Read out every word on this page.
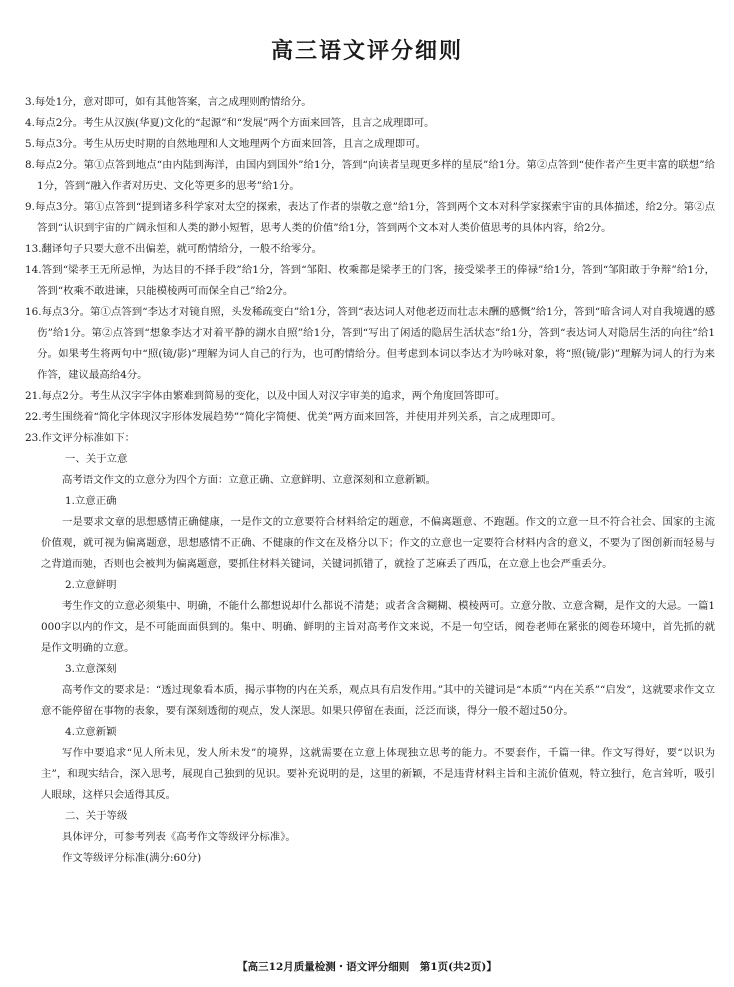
高三语文评分细则

3.每处1分，意对即可，如有其他答案，言之成理则酌情给分。

4.每点2分。考生从汉族(华夏)文化的“起源”和“发展”两个方面来回答，且言之成理即可。

5.每点3分。考生从历史时期的自然地理和人文地理两个方面来回答，且言之成理即可。

8.每点2分。第①点答到地点“由内陆到海洋，由国内到国外”给1分，答到“向读者呈现更多样的星辰”给1分。第②点答到“使作者产生更丰富的联想”给1分，答到“融入作者对历史、文化等更多的思考”给1分。

9.每点3分。第①点答到“提到诸多科学家对太空的探索，表达了作者的崇敬之意”给1分，答到两个文本对科学家探索宇宙的具体描述，给2分。第②点答到“认识到宇宙的广阔永恒和人类的渺小短暂，思考人类的价值”给1分，答到两个文本对人类价值思考的具体内容，给2分。

13.翻译句子只要大意不出偏差，就可酌情给分，一般不给零分。

14.答到“梁孝王无所忌惮，为达目的不择手段”给1分，答到“邹阳、枚乘都是梁孝王的门客，接受梁孝王的俸禄”给1分，答到“邹阳敢于争辩”给1分，答到“枚乘不敢进谏，只能模棱两可而保全自己”给2分。

16.每点3分。第①点答到“李达才对镜自照，头发稀疏变白”给1分，答到“表达词人对他老迈而壮志未酬的感慨”给1分，答到“暗含词人对自我境遇的感伤”给1分。第②点答到“想象李达才对着平静的湖水自照”给1分，答到“写出了闲适的隐居生活状态”给1分，答到“表达词人对隐居生活的向往”给1分。如果考生将两句中“照(镜/影)”理解为词人自己的行为，也可酌情给分。但考虑到本词以李达才为吟咏对象，将“照(镜/影)”理解为词人的行为来作答，建议最高给4分。

21.每点2分。考生从汉字字体由繁难到简易的变化，以及中国人对汉字审美的追求，两个角度回答即可。

22.考生围绕着“简化字体现汉字形体发展趋势”“简化字简便、优美”两方面来回答，并使用并列关系，言之成理即可。

23.作文评分标准如下：

一、关于立意

高考语文作文的立意分为四个方面：立意正确、立意鲜明、立意深刻和立意新颖。

1.立意正确

一是要求文章的思想感情正确健康，一是作文的立意要符合材料给定的题意，不偏离题意、不跑题。作文的立意一旦不符合社会、国家的主流价值观，就可视为偏离题意，思想感情不正确、不健康的作文在及格分以下；作文的立意也一定要符合材料内含的意义，不要为了图创新而轻易与之背道而驰，否则也会被判为偏离题意，要抓住材料关键词，关键词抓错了，就捡了芝麻丢了西瓜，在立意上也会严重丢分。

2.立意鲜明

考生作文的立意必须集中、明确，不能什么都想说却什么都说不清楚；或者含含糊糊、模棱两可。立意分散、立意含糊，是作文的大忌。一篇1 000字以内的作文，是不可能面面俱到的。集中、明确、鲜明的主旨对高考作文来说，不是一句空话，阅卷老师在紧张的阅卷环境中，首先抓的就是作文明确的立意。

3.立意深刻

高考作文的要求是：“透过现象看本质，揭示事物的内在关系，观点具有启发作用。”其中的关键词是“本质”“内在关系”“启发”，这就要求作文立意不能停留在事物的表象，要有深刻透彻的观点，发人深思。如果只停留在表面，泛泛而谈，得分一般不超过50分。

4.立意新颖

写作中要追求“见人所未见，发人所未发”的境界，这就需要在立意上体现独立思考的能力。不要套作，千篇一律。作文写得好，要“以识为主”，和现实结合，深入思考，展现自己独到的见识。要补充说明的是，这里的新颖，不是违背材料主旨和主流价值观，特立独行，危言耸听，吸引人眼球，这样只会适得其反。

二、关于等级

具体评分，可参考列表《高考作文等级评分标准》。

作文等级评分标准(满分:60分)

【高三12月质量检测・语文评分细则　第1页(共2页)】
